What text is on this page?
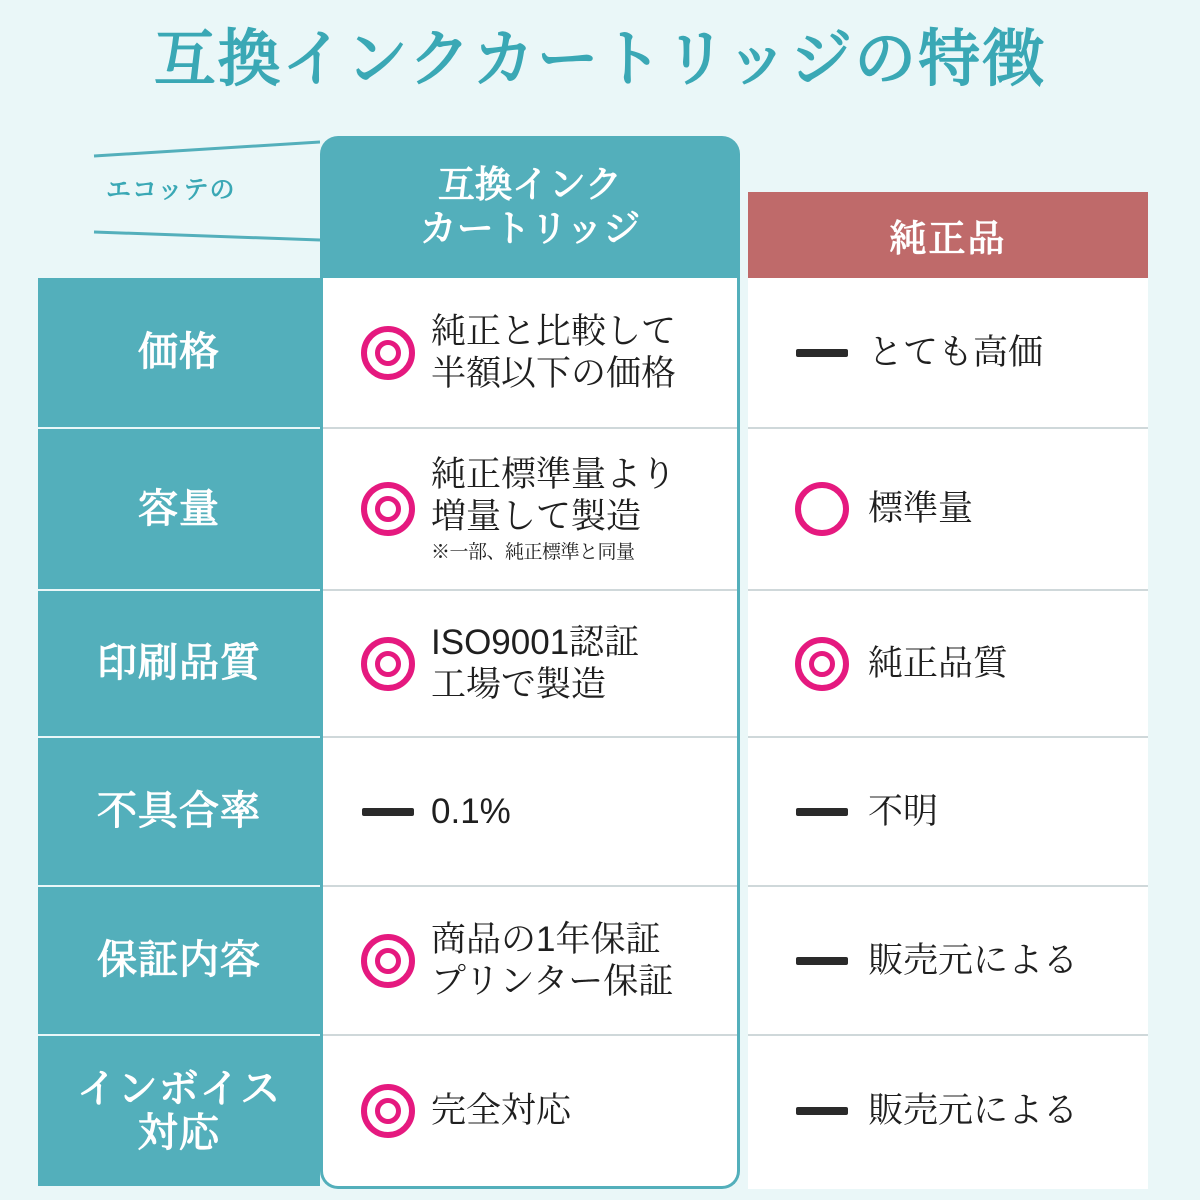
互換インクカートリッジの特徴
エコッテの	互換インク
カートリッジ	純正品
価格
容量
印刷品質
不具合率
保証内容
インボイス
対応
純正と比較して
半額以下の価格
純正標準量より
増量して製造
※一部、純正標準と同量
ISO9001認証
工場で製造
0.1%
商品の1年保証
プリンター保証
完全対応
とても高価
標準量
純正品質
不明
販売元による
販売元による
